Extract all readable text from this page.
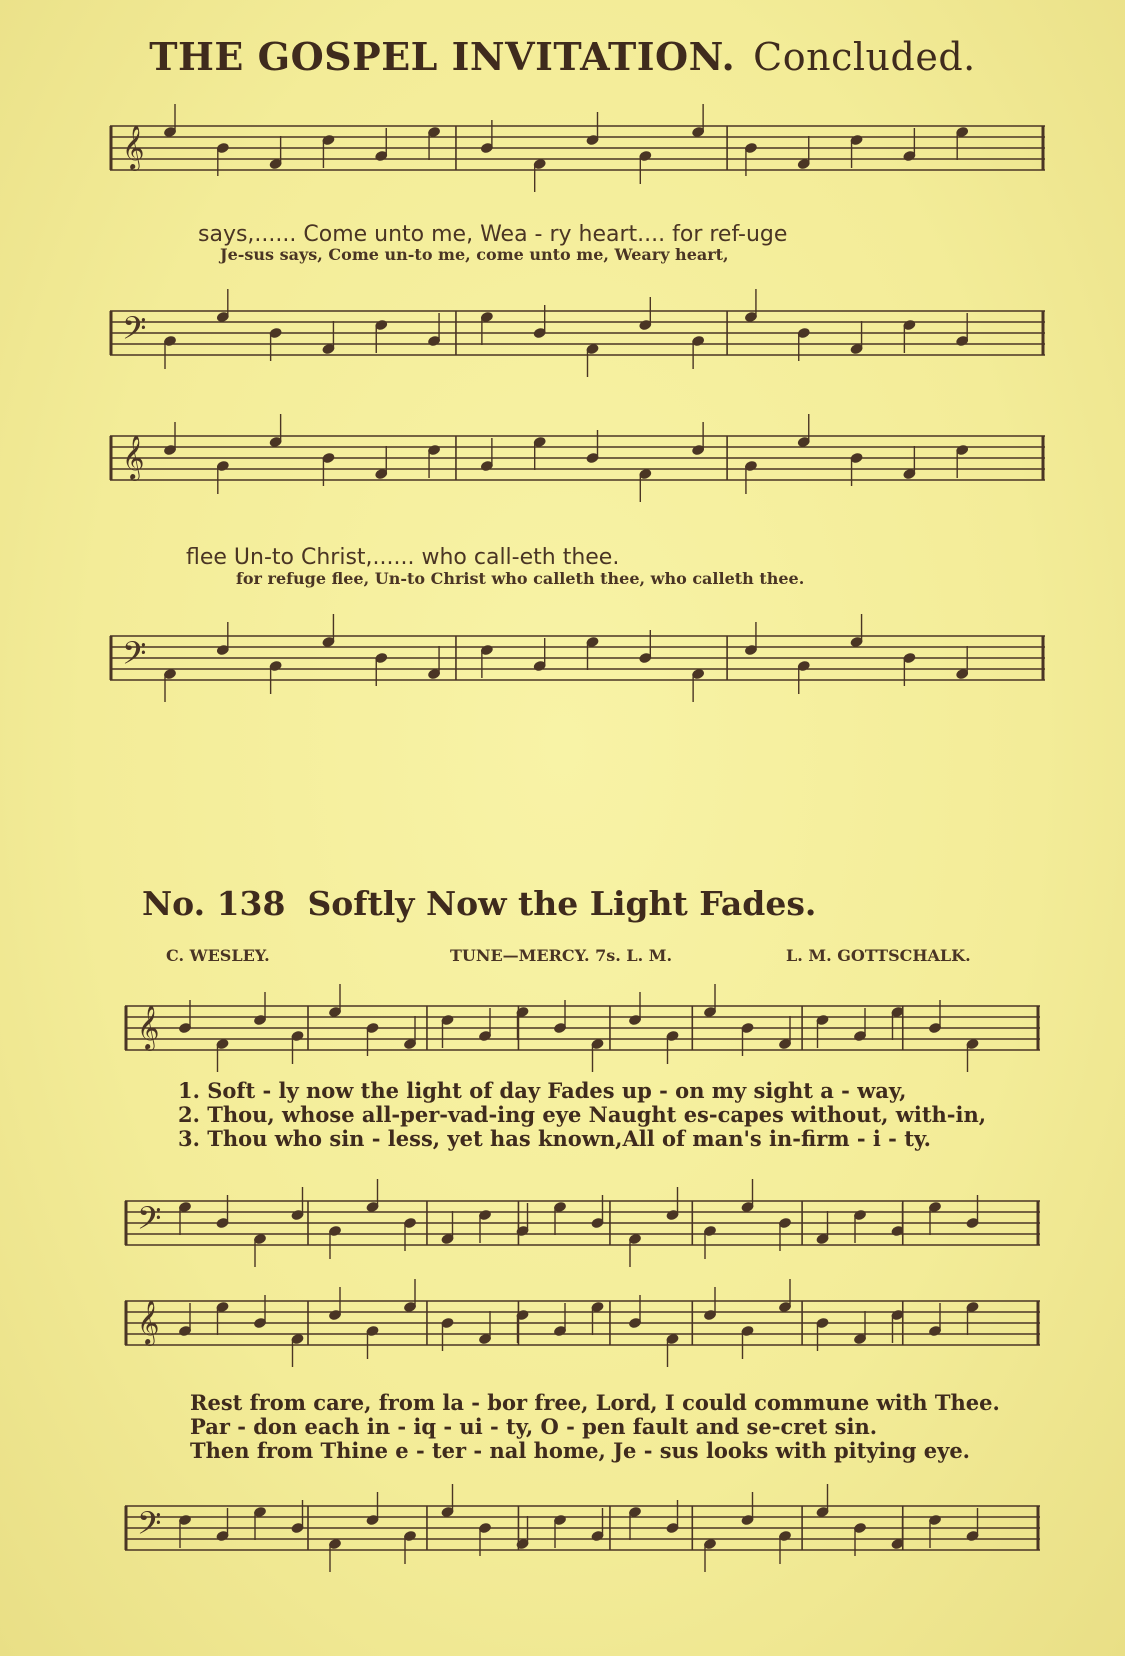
THE GOSPEL INVITATION. Concluded.
𝄞
says,...... Come unto me, Wea - ry heart.... for ref-uge
Je-sus says, Come un-to me, come unto me, Weary heart,
𝄢
𝄞
flee Un-to Christ,...... who call-eth thee.
for refuge flee, Un-to Christ who calleth thee, who calleth thee.
𝄢
No. 138 Softly Now the Light Fades.
C. WESLEY.	TUNE—MERCY. 7s. L. M.	L. M. GOTTSCHALK.
𝄞
1. Soft - ly now the light of day Fades up - on my sight a - way,
2. Thou, whose all-per-vad-ing eye Naught es-capes without, with-in,
3. Thou who sin - less, yet has known,All of man's in-firm - i - ty.
𝄢
𝄞
Rest from care, from la - bor free, Lord, I could commune with Thee.
Par - don each in - iq - ui - ty, O - pen fault and se-cret sin.
Then from Thine e - ter - nal home, Je - sus looks with pitying eye.
𝄢
